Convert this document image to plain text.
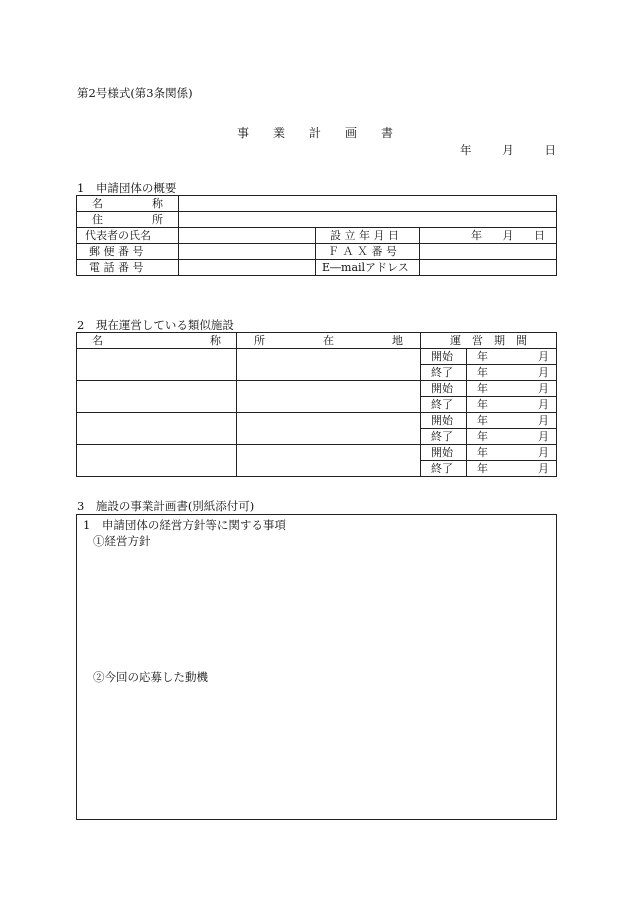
第2号様式(第3条関係)
事 業 計 画 書
年	月	日
1　申請団体の概要
名 称			

住 所			

代表者の氏名		設 立 年 月 日	年 月 日

郵 便 番 号		Ｆ Ａ Ｘ 番 号	
電 話 番 号		E―mailアドレス	
2　現在運営している類似施設
名 称	所 在 地	運　営　期　間	
		開始	年 月

		終了	年 月

		開始	年 月

		終了	年 月

		開始	年 月

		終了	年 月

		開始	年 月

		終了	年 月
3　施設の事業計画書(別紙添付可)
1　申請団体の経営方針等に関する事項
①経営方針
②今回の応募した動機
